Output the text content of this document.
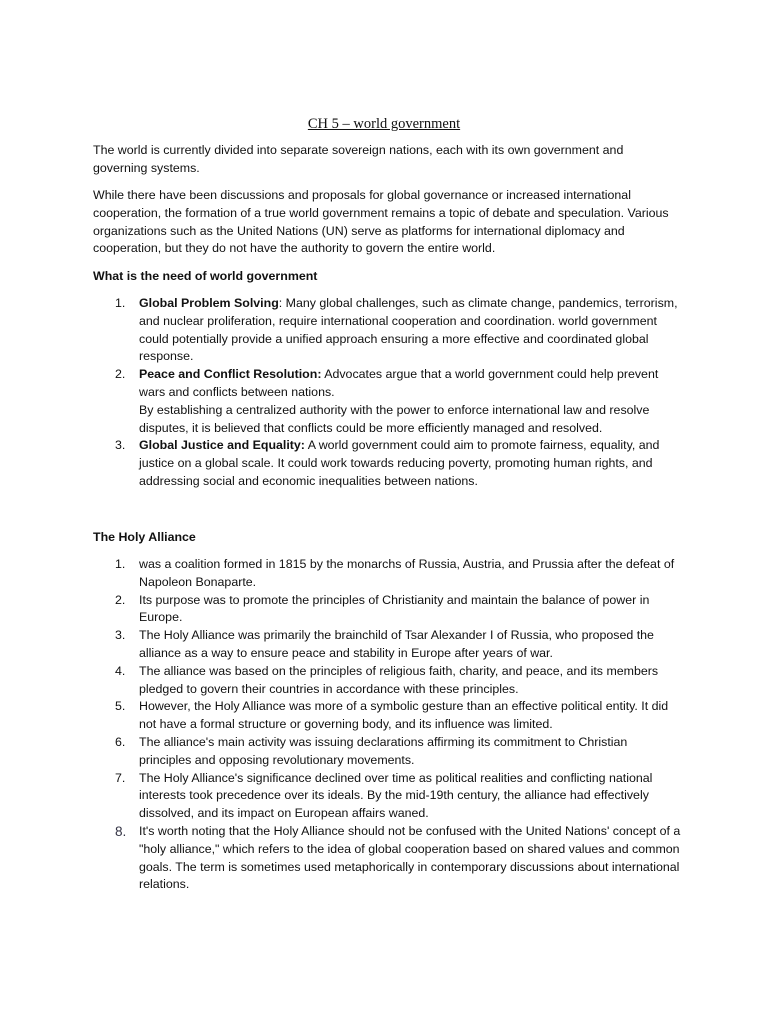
CH 5 – world government

The world is currently divided into separate sovereign nations, each with its own government and governing systems.

While there have been discussions and proposals for global governance or increased international cooperation, the formation of a true world government remains a topic of debate and speculation. Various organizations such as the United Nations (UN) serve as platforms for international diplomacy and cooperation, but they do not have the authority to govern the entire world.

What is the need of world government

1. Global Problem Solving: Many global challenges, such as climate change, pandemics, terrorism, and nuclear proliferation, require international cooperation and coordination. world government could potentially provide a unified approach ensuring a more effective and coordinated global response.
2. Peace and Conflict Resolution: Advocates argue that a world government could help prevent wars and conflicts between nations.
By establishing a centralized authority with the power to enforce international law and resolve disputes, it is believed that conflicts could be more efficiently managed and resolved.
3. Global Justice and Equality: A world government could aim to promote fairness, equality, and justice on a global scale. It could work towards reducing poverty, promoting human rights, and addressing social and economic inequalities between nations.

The Holy Alliance

1. was a coalition formed in 1815 by the monarchs of Russia, Austria, and Prussia after the defeat of Napoleon Bonaparte.
2. Its purpose was to promote the principles of Christianity and maintain the balance of power in Europe.
3. The Holy Alliance was primarily the brainchild of Tsar Alexander I of Russia, who proposed the alliance as a way to ensure peace and stability in Europe after years of war.
4. The alliance was based on the principles of religious faith, charity, and peace, and its members pledged to govern their countries in accordance with these principles.
5. However, the Holy Alliance was more of a symbolic gesture than an effective political entity. It did not have a formal structure or governing body, and its influence was limited.
6. The alliance's main activity was issuing declarations affirming its commitment to Christian principles and opposing revolutionary movements.
7. The Holy Alliance's significance declined over time as political realities and conflicting national interests took precedence over its ideals. By the mid-19th century, the alliance had effectively dissolved, and its impact on European affairs waned.
8. It's worth noting that the Holy Alliance should not be confused with the United Nations' concept of a "holy alliance," which refers to the idea of global cooperation based on shared values and common goals. The term is sometimes used metaphorically in contemporary discussions about international relations.
